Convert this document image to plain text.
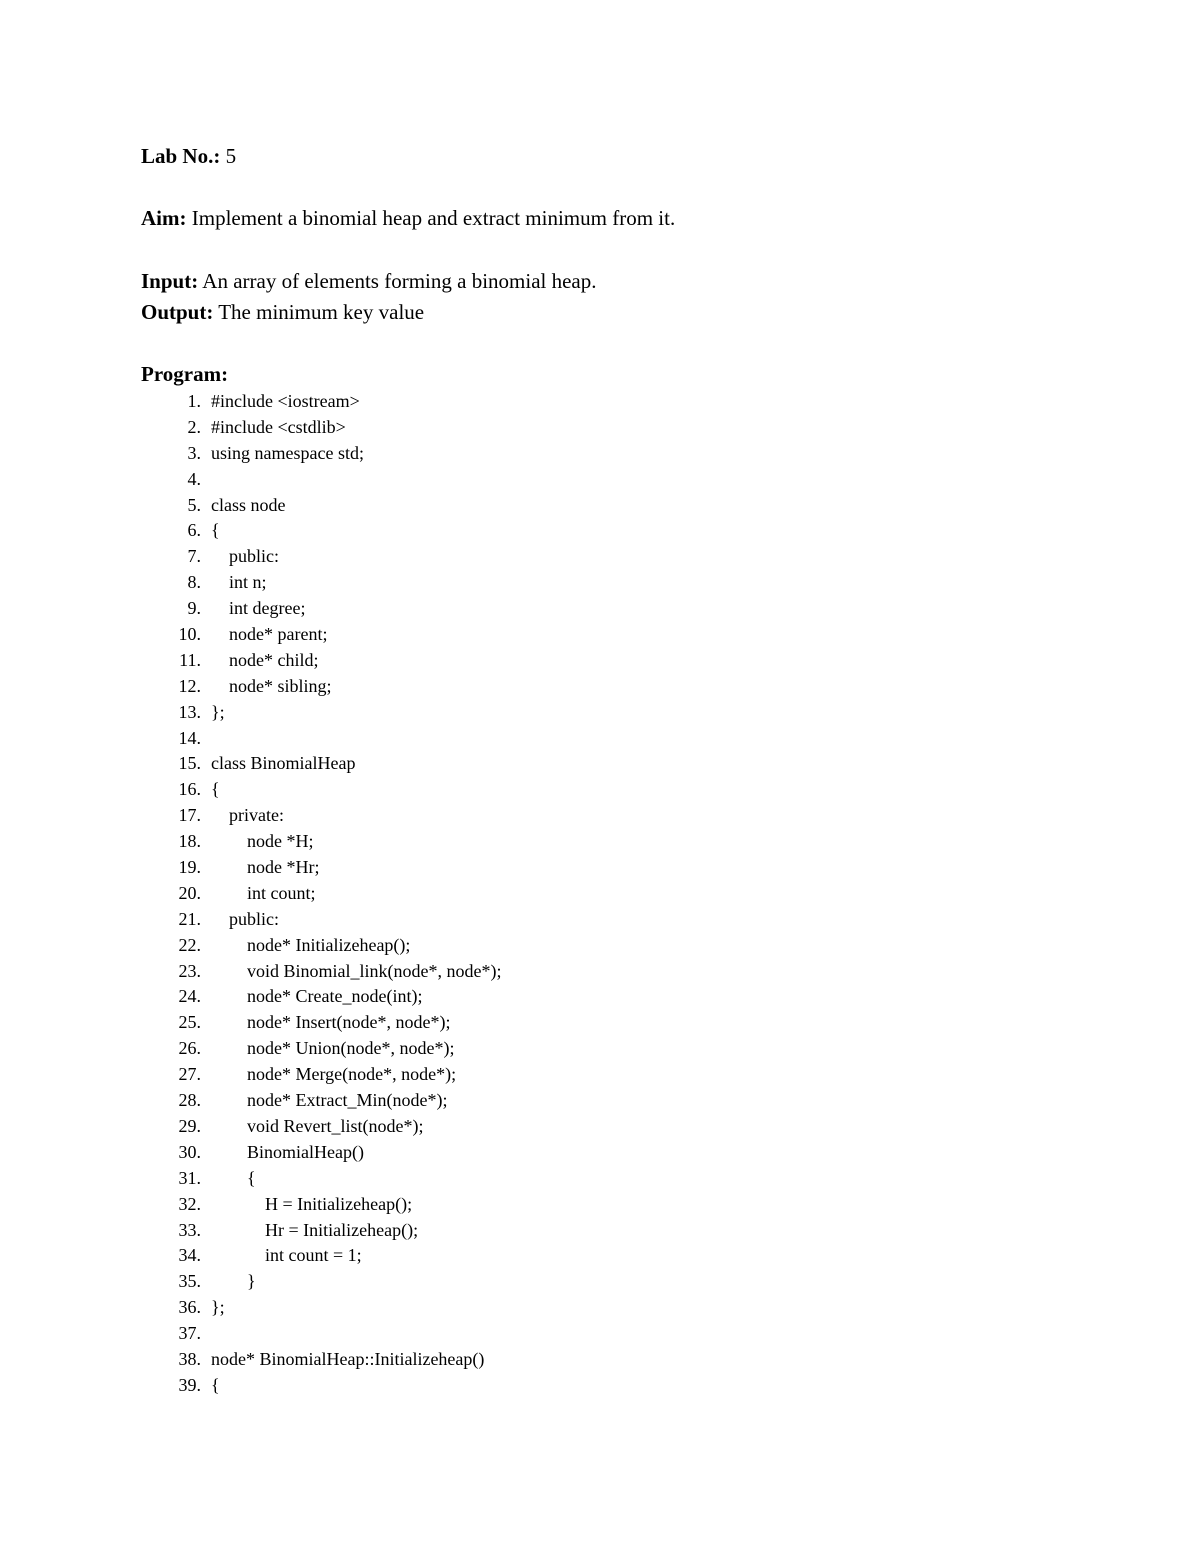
Lab No.: 5
Aim: Implement a binomial heap and extract minimum from it.
Input: An array of elements forming a binomial heap.
Output: The minimum key value
Program:
1. #include <iostream>
2. #include <cstdlib>
3. using namespace std;
4.
5. class node
6. {
7. public:
8. int n;
9. int degree;
10. node* parent;
11. node* child;
12. node* sibling;
13. };
14.
15. class BinomialHeap
16. {
17. private:
18. node *H;
19. node *Hr;
20. int count;
21. public:
22. node* Initializeheap();
23. void Binomial_link(node*, node*);
24. node* Create_node(int);
25. node* Insert(node*, node*);
26. node* Union(node*, node*);
27. node* Merge(node*, node*);
28. node* Extract_Min(node*);
29. void Revert_list(node*);
30. BinomialHeap()
31. {
32. H = Initializeheap();
33. Hr = Initializeheap();
34. int count = 1;
35. }
36. };
37.
38. node* BinomialHeap::Initializeheap()
39. {
